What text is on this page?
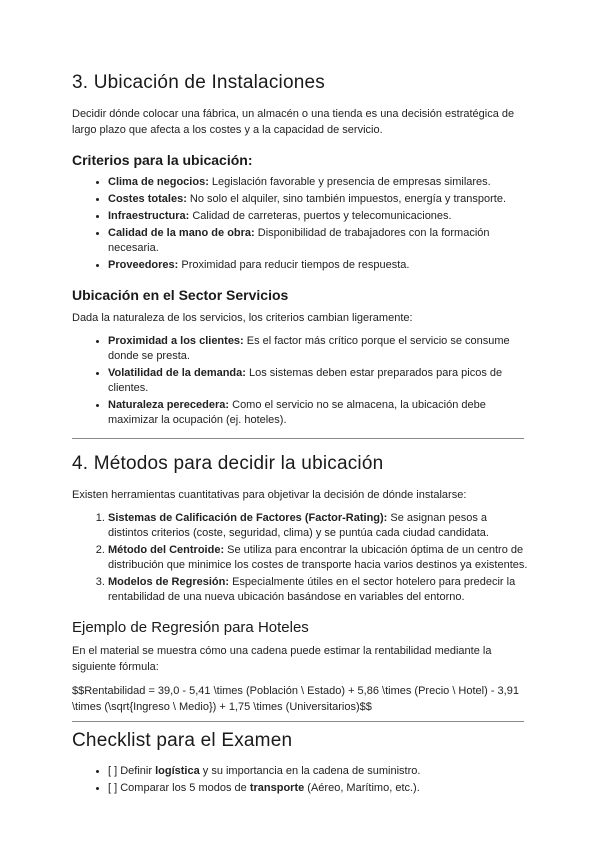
3. Ubicación de Instalaciones

Decidir dónde colocar una fábrica, un almacén o una tienda es una decisión estratégica de largo plazo que afecta a los costes y a la capacidad de servicio.

Criterios para la ubicación:
• Clima de negocios: Legislación favorable y presencia de empresas similares.
• Costes totales: No solo el alquiler, sino también impuestos, energía y transporte.
• Infraestructura: Calidad de carreteras, puertos y telecomunicaciones.
• Calidad de la mano de obra: Disponibilidad de trabajadores con la formación necesaria.
• Proveedores: Proximidad para reducir tiempos de respuesta.
Ubicación en el Sector Servicios

Dada la naturaleza de los servicios, los criterios cambian ligeramente:

• Proximidad a los clientes: Es el factor más crítico porque el servicio se consume donde se presta.
• Volatilidad de la demanda: Los sistemas deben estar preparados para picos de clientes.
• Naturaleza perecedera: Como el servicio no se almacena, la ubicación debe maximizar la ocupación (ej. hoteles).
4. Métodos para decidir la ubicación

Existen herramientas cuantitativas para objetivar la decisión de dónde instalarse:

1. Sistemas de Calificación de Factores (Factor-Rating): Se asignan pesos a distintos criterios (coste, seguridad, clima) y se puntúa cada ciudad candidata.
2. Método del Centroide: Se utiliza para encontrar la ubicación óptima de un centro de distribución que minimice los costes de transporte hacia varios destinos ya existentes.
3. Modelos de Regresión: Especialmente útiles en el sector hotelero para predecir la rentabilidad de una nueva ubicación basándose en variables del entorno.
Ejemplo de Regresión para Hoteles

En el material se muestra cómo una cadena puede estimar la rentabilidad mediante la siguiente fórmula:

$$Rentabilidad = 39,0 - 5,41 \times (Población \ Estado) + 5,86 \times (Precio \ Hotel) - 3,91 \times (\sqrt{Ingreso \ Medio}) + 1,75 \times (Universitarios)$$

Checklist para el Examen
• [ ] Definir logística y su importancia en la cadena de suministro.
• [ ] Comparar los 5 modos de transporte (Aéreo, Marítimo, etc.).
